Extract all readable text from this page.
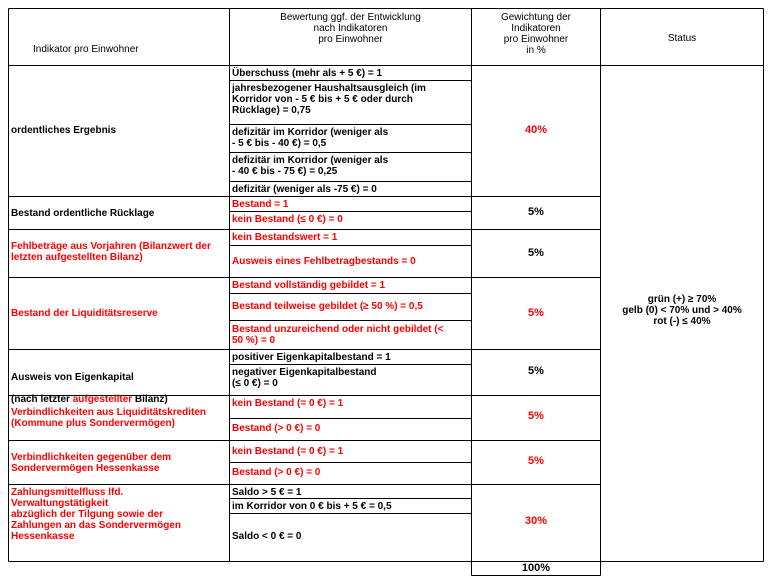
Indikator pro Einwohner

Bewertung ggf. der Entwicklung
nach Indikatoren
pro Einwohner
Gewichtung der
Indikatoren
pro Einwohner
in %
Status
ordentliches Ergebnis
Überschuss (mehr als + 5 €) = 1
jahresbezogener Haushaltsausgleich (im
Korridor von - 5 € bis + 5 € oder durch
Rücklage) = 0,75
defizitär im Korridor (weniger als
- 5 € bis - 40 €) = 0,5
defizitär im Korridor (weniger als
- 40 € bis - 75 €) = 0,25
defizitär (weniger als -75 €) = 0
40%
Bestand ordentliche Rücklage
Bestand = 1
kein Bestand (≤ 0 €) = 0
5%
Fehlbeträge aus Vorjahren (Bilanzwert der
letzten aufgestellten Bilanz)
kein Bestandswert = 1
Ausweis eines Fehlbetragbestands = 0
5%
Bestand der Liquiditätsreserve
Bestand vollständig gebildet = 1
Bestand teilweise gebildet (≥ 50 %) = 0,5
Bestand unzureichend oder nicht gebildet (<
50 %) = 0
5%

Ausweis von Eigenkapital

(nach letzter aufgestellter Bilanz)

positiver Eigenkapitalbestand = 1
negativer Eigenkapitalbestand
(≤ 0 €) = 0
5%
Verbindlichkeiten aus Liquiditätskrediten
(Kommune plus Sondervermögen)
kein Bestand (= 0 €) = 1
Bestand (> 0 €) = 0
5%
Verbindlichkeiten gegenüber dem
Sondervermögen Hessenkasse
kein Bestand (= 0 €) = 1
Bestand (> 0 €) = 0
5%
Zahlungsmittelfluss lfd.
Verwaltungstätigkeit
abzüglich der Tilgung sowie der
Zahlungen an das Sondervermögen
Hessenkasse
Saldo > 5 € = 1
im Korridor von 0 € bis + 5 € = 0,5
Saldo < 0 € = 0
30%
grün (+) ≥ 70%
gelb (0) < 70% und > 40%
rot (-) ≤ 40%
100%
